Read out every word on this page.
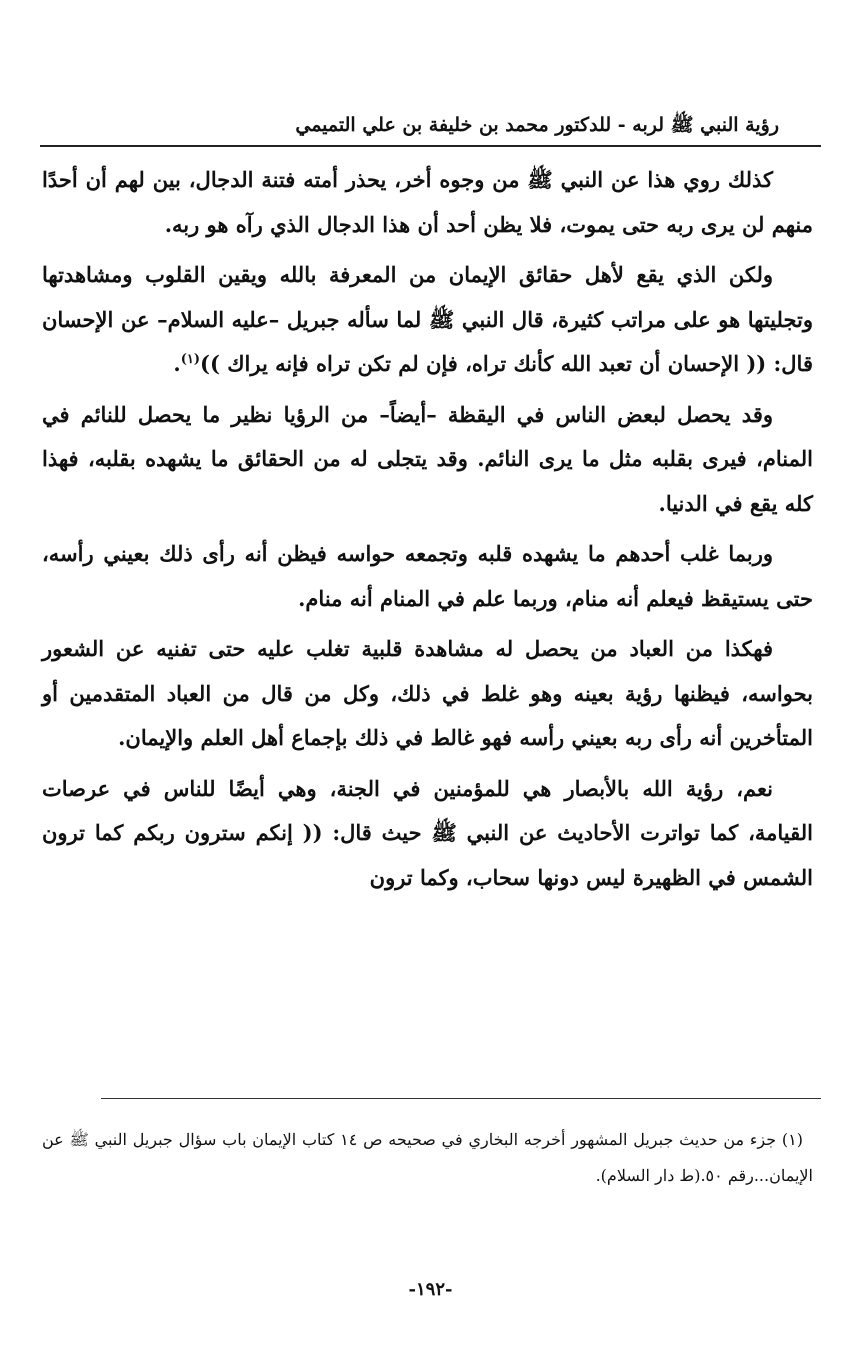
رؤية النبي ﷺ لربه - للدكتور محمد بن خليفة بن علي التميمي

كذلك روي هذا عن النبي ﷺ من وجوه أخر، يحذر أمته فتنة الدجال، بين لهم أن أحدًا منهم لن يرى ربه حتى يموت، فلا يظن أحد أن هذا الدجال الذي رآه هو ربه.

ولكن الذي يقع لأهل حقائق الإيمان من المعرفة بالله ويقين القلوب ومشاهدتها وتجليتها هو على مراتب كثيرة، قال النبي ﷺ لما سأله جبريل –عليه السلام– عن الإحسان قال: (( الإحسان أن تعبد الله كأنك تراه، فإن لم تكن تراه فإنه يراك ))$^{(١)}$.

وقد يحصل لبعض الناس في اليقظة –أيضاً– من الرؤيا نظير ما يحصل للنائم في المنام، فيرى بقلبه مثل ما يرى النائم. وقد يتجلى له من الحقائق ما يشهده بقلبه، فهذا كله يقع في الدنيا.

وربما غلب أحدهم ما يشهده قلبه وتجمعه حواسه فيظن أنه رأى ذلك بعيني رأسه، حتى يستيقظ فيعلم أنه منام، وربما علم في المنام أنه منام.

فهكذا من العباد من يحصل له مشاهدة قلبية تغلب عليه حتى تفنيه عن الشعور بحواسه، فيظنها رؤية بعينه وهو غلط في ذلك، وكل من قال من العباد المتقدمين أو المتأخرين أنه رأى ربه بعيني رأسه فهو غالط في ذلك بإجماع أهل العلم والإيمان.

نعم، رؤية الله بالأبصار هي للمؤمنين في الجنة، وهي أيضًا للناس في عرصات القيامة، كما تواترت الأحاديث عن النبي ﷺ حيث قال: (( إنكم سترون ربكم كما ترون الشمس في الظهيرة ليس دونها سحاب، وكما ترون

(١) جزء من حديث جبريل المشهور أخرجه البخاري في صحيحه ص ١٤ كتاب الإيمان باب سؤال جبريل النبي ﷺ عن الإيمان...رقم ٥٠.(ط دار السلام).

-١٩٢-
